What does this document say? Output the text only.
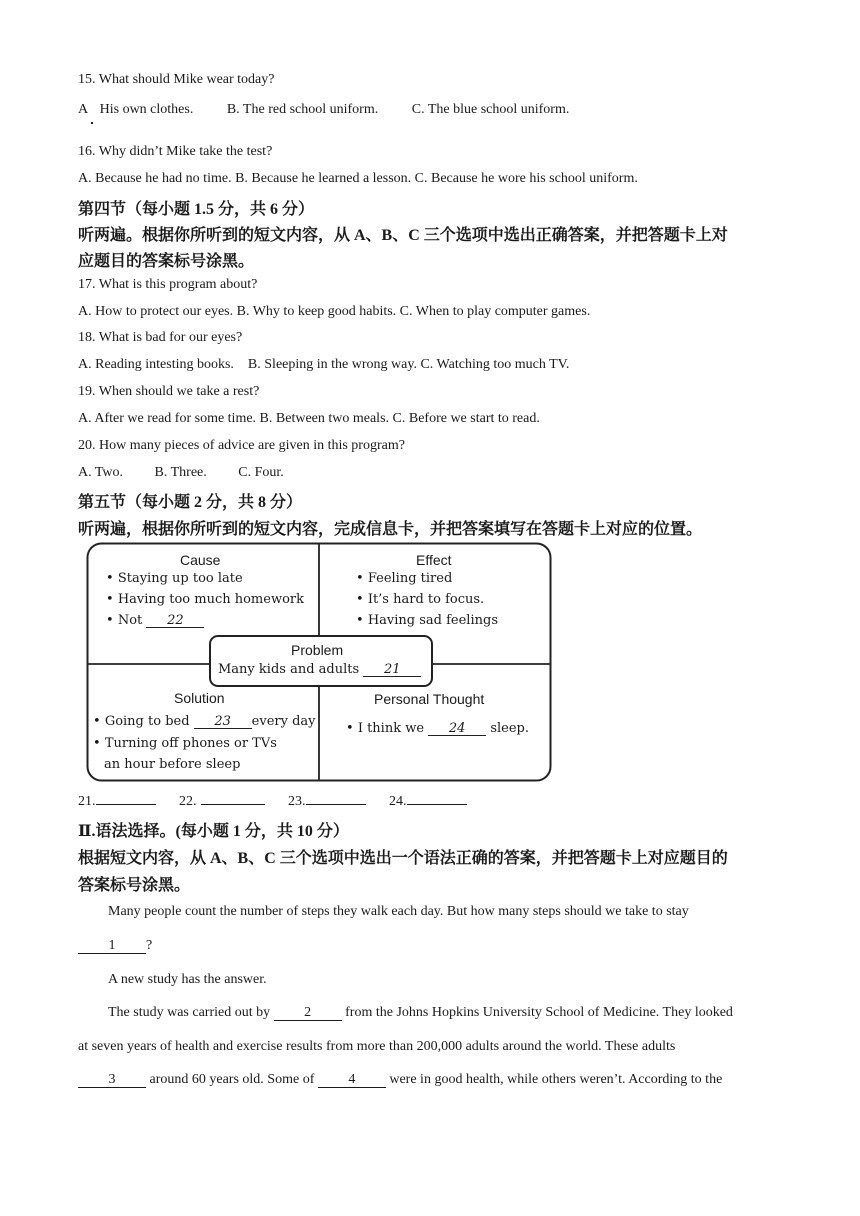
15. What should Mike wear today?
A His own clothes. B. The red school uniform. C. The blue school uniform.
16. Why didn’t Mike take the test?
A. Because he had no time. B. Because he learned a lesson. C. Because he wore his school uniform.
第四节（每小题 1.5 分，共 6 分）
听两遍。根据你所听到的短文内容，从 A、B、C 三个选项中选出正确答案，并把答题卡上对
应题目的答案标号涂黑。
17. What is this program about?
A. How to protect our eyes. B. Why to keep good habits. C. When to play computer games.
18. What is bad for our eyes?
A. Reading intesting books.    B. Sleeping in the wrong way. C. Watching too much TV.
19. When should we take a rest?
A. After we read for some time. B. Between two meals. C. Before we start to read.
20. How many pieces of advice are given in this program?
A. Two. B. Three. C. Four.
第五节（每小题 2 分，共 8 分）
听两遍，根据你所听到的短文内容，完成信息卡，并把答案填写在答题卡上对应的位置。
Cause
• Staying up too late
• Having too much homework
• Not 22
Effect
• Feeling tired
• It’s hard to focus.
• Having sad feelings
Problem
Many kids and adults 21
Solution
• Going to bed 23 every day
• Turning off phones or TVs
an hour before sleep
Personal Thought
• I think we 24 sleep.
21.	22.	23.	24.
Ⅱ.语法选择。(每小题 1 分，共 10 分）
根据短文内容，从 A、B、C 三个选项中选出一个语法正确的答案，并把答题卡上对应题目的
答案标号涂黑。
Many people count the number of steps they walk each day. But how many steps should we take to stay
1 ?
A new study has the answer.
The study was carried out by 2 from the Johns Hopkins University School of Medicine. They looked
at seven years of health and exercise results from more than 200,000 adults around the world. These adults
3 around 60 years old. Some of 4 were in good health, while others weren’t. According to the
